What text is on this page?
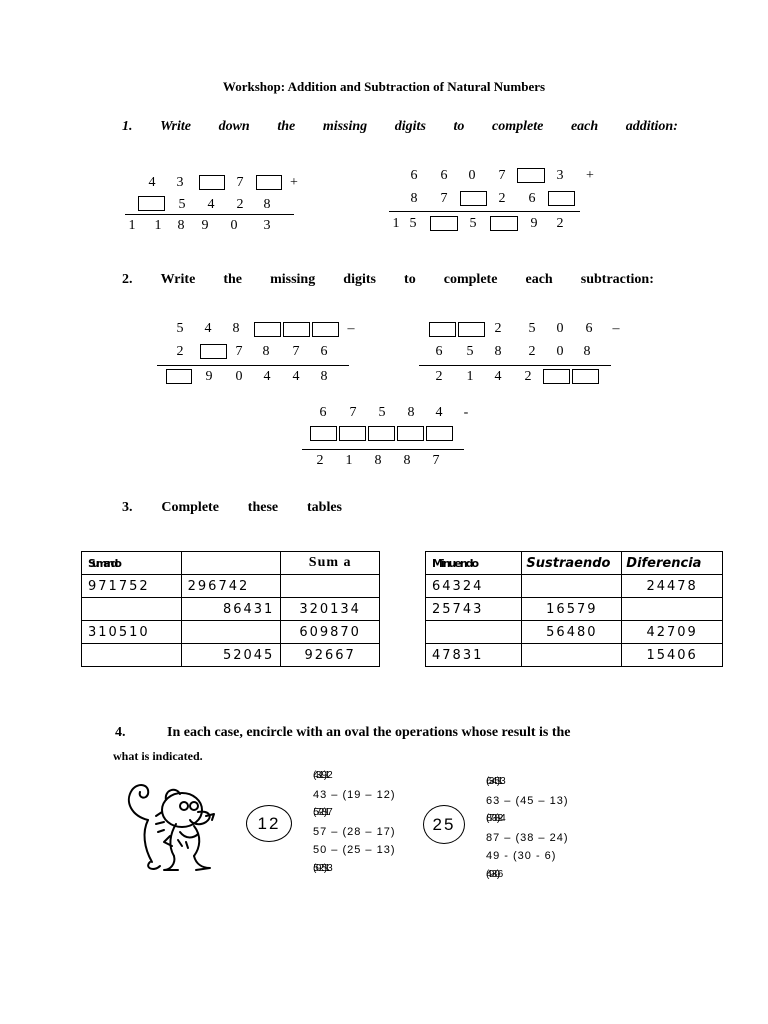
Workshop: Addition and Subtraction of Natural Numbers
1. Write down the missing digits to complete each addition:
4 3	7	+
5 4 2 8
1 1 8 9 0 3
6 6 0 7	3 +
8 7	2 6
1 5	5	9 2
2. Write the missing digits to complete each subtraction:
5 4 8	–
2	7 8 7 6
9 0 4 4 8
2 5 0 6 –
6 5 8 2 0 8
2 1 4 2
6 7 5 8 4	-
2 1 8 8 7
3. Complete these tables
Sumando		Sum a
971752	296742	
	86431	320134
310510		609870
	52045	92667
Minuendo	Sustraendo	Diferencia
64324		24478
25743	16579	
	56480	42709
47831		15406
4.	In each case, encircle with an oval the operations whose result is the
what is indicated.
12	25
(43-19)-12
43 – (19 – 12)
(57-28)-17
57 – (28 – 17)
50 – (25 – 13)
(50-25)-13
(63-45)-13
63 – (45 – 13)
(87-38)-24
87 – (38 – 24)
49 - (30 - 6)
(49-30)-6
